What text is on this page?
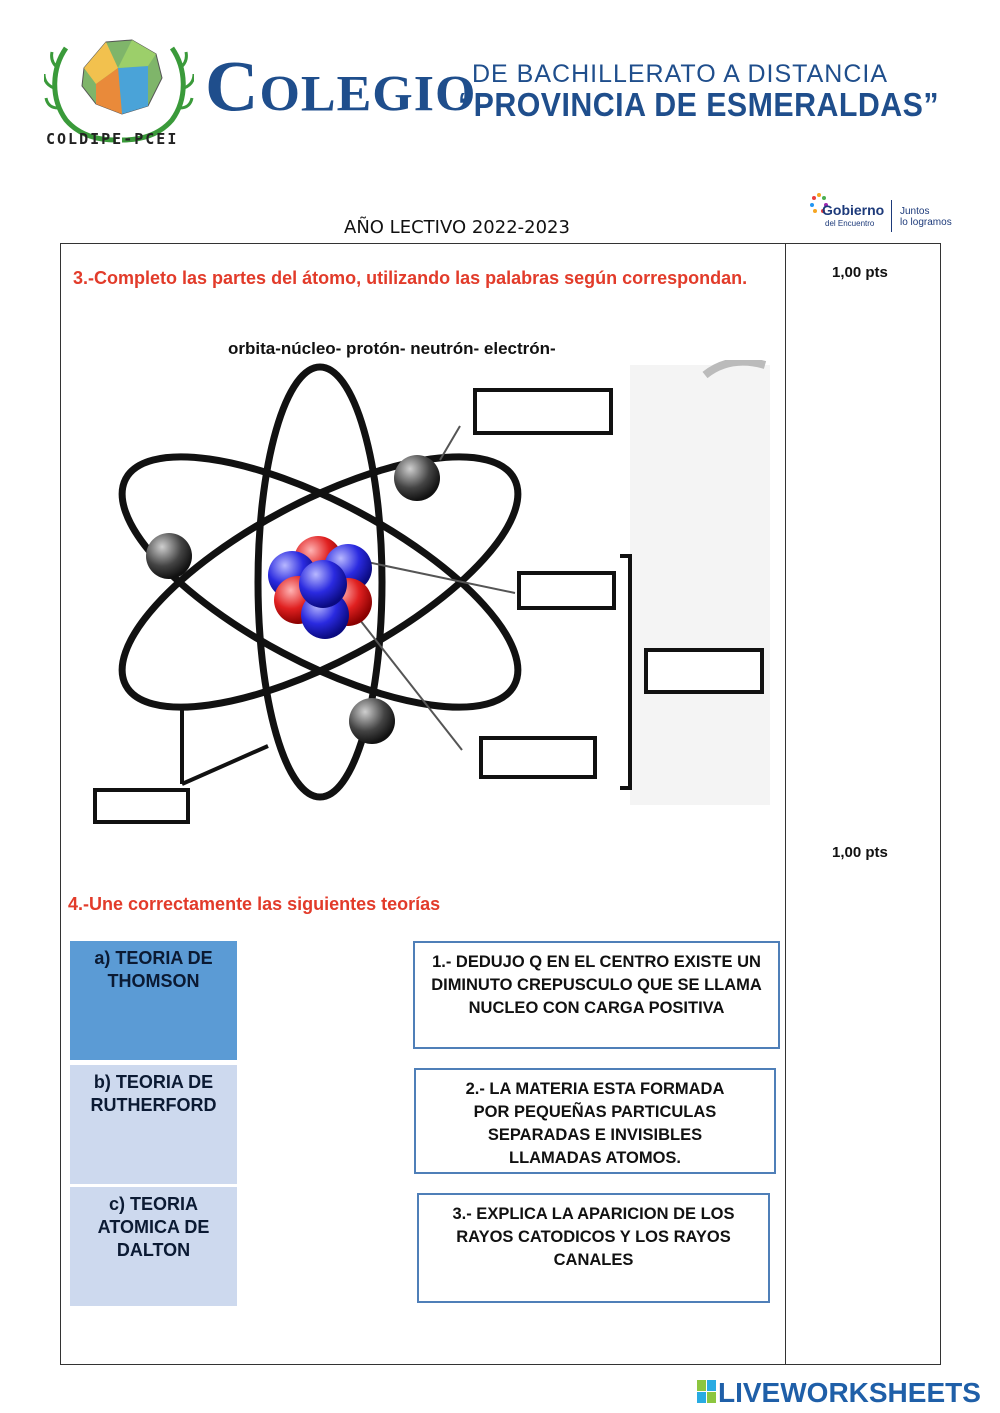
COLDIPE-PCEI
Colegio
DE BACHILLERATO A DISTANCIA
“PROVINCIA DE ESMERALDAS”
Gobierno
del Encuentro
Juntos
lo logramos
AÑO LECTIVO 2022-2023
1,00 pts
1,00 pts
3.-Completo las partes del átomo, utilizando las palabras según correspondan.
orbita-núcleo- protón- neutrón- electrón-
4.-Une correctamente las siguientes teorías
a) TEORIA DE THOMSON
b) TEORIA DE RUTHERFORD
c) TEORIA ATOMICA DE DALTON
1.- DEDUJO Q EN EL CENTRO EXISTE UN DIMINUTO CREPUSCULO QUE SE LLAMA NUCLEO CON CARGA POSITIVA
2.- LA MATERIA ESTA FORMADA POR PEQUEÑAS PARTICULAS SEPARADAS E INVISIBLES LLAMADAS ATOMOS.
3.- EXPLICA LA APARICION DE LOS RAYOS CATODICOS Y LOS RAYOS CANALES
LIVEWORKSHEETS
